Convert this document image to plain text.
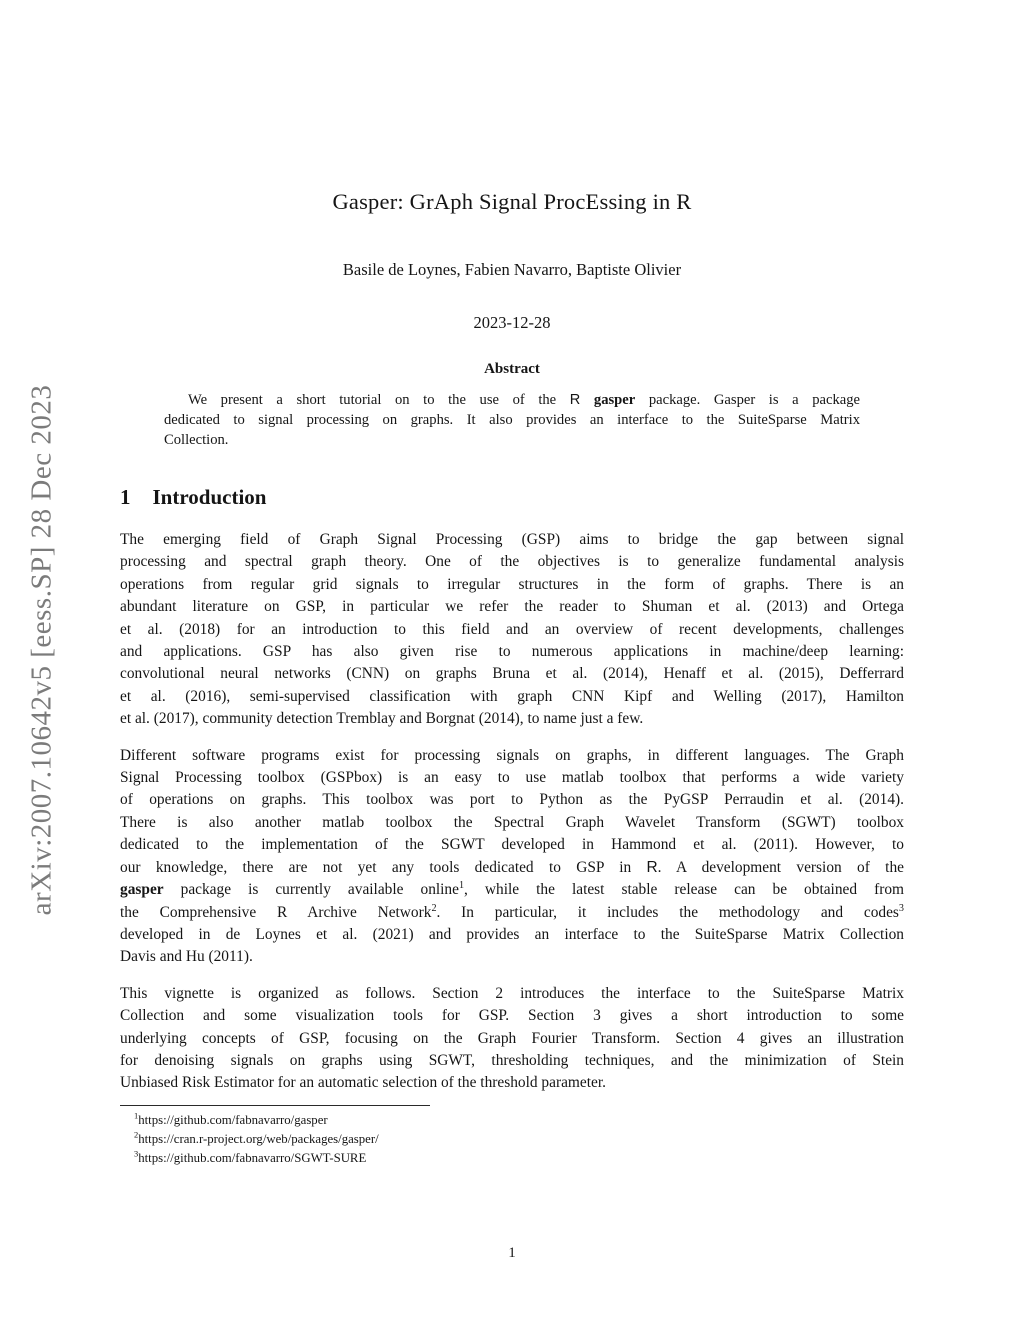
arXiv:2007.10642v5 [eess.SP] 28 Dec 2023
Gasper: GrAph Signal ProcEssing in R
Basile de Loynes, Fabien Navarro, Baptiste Olivier
2023-12-28
Abstract
We present a short tutorial on to the use of the R gasper package. Gasper is a package
dedicated to signal processing on graphs. It also provides an interface to the SuiteSparse Matrix
Collection.
1 Introduction
The emerging field of Graph Signal Processing (GSP) aims to bridge the gap between signal
processing and spectral graph theory. One of the objectives is to generalize fundamental analysis
operations from regular grid signals to irregular structures in the form of graphs. There is an
abundant literature on GSP, in particular we refer the reader to Shuman et al. (2013) and Ortega
et al. (2018) for an introduction to this field and an overview of recent developments, challenges
and applications. GSP has also given rise to numerous applications in machine/deep learning:
convolutional neural networks (CNN) on graphs Bruna et al. (2014), Henaff et al. (2015), Defferrard
et al. (2016), semi-supervised classification with graph CNN Kipf and Welling (2017), Hamilton
et al. (2017), community detection Tremblay and Borgnat (2014), to name just a few.
Different software programs exist for processing signals on graphs, in different languages. The Graph
Signal Processing toolbox (GSPbox) is an easy to use matlab toolbox that performs a wide variety
of operations on graphs. This toolbox was port to Python as the PyGSP Perraudin et al. (2014).
There is also another matlab toolbox the Spectral Graph Wavelet Transform (SGWT) toolbox
dedicated to the implementation of the SGWT developed in Hammond et al. (2011). However, to
our knowledge, there are not yet any tools dedicated to GSP in R. A development version of the
gasper package is currently available online$^1$, while the latest stable release can be obtained from
the Comprehensive R Archive Network$^2$. In particular, it includes the methodology and codes$^3$
developed in de Loynes et al. (2021) and provides an interface to the SuiteSparse Matrix Collection
Davis and Hu (2011).
This vignette is organized as follows. Section 2 introduces the interface to the SuiteSparse Matrix
Collection and some visualization tools for GSP. Section 3 gives a short introduction to some
underlying concepts of GSP, focusing on the Graph Fourier Transform. Section 4 gives an illustration
for denoising signals on graphs using SGWT, thresholding techniques, and the minimization of Stein
Unbiased Risk Estimator for an automatic selection of the threshold parameter.
$^1$https://github.com/fabnavarro/gasper
$^2$https://cran.r-project.org/web/packages/gasper/
$^3$https://github.com/fabnavarro/SGWT-SURE
1
